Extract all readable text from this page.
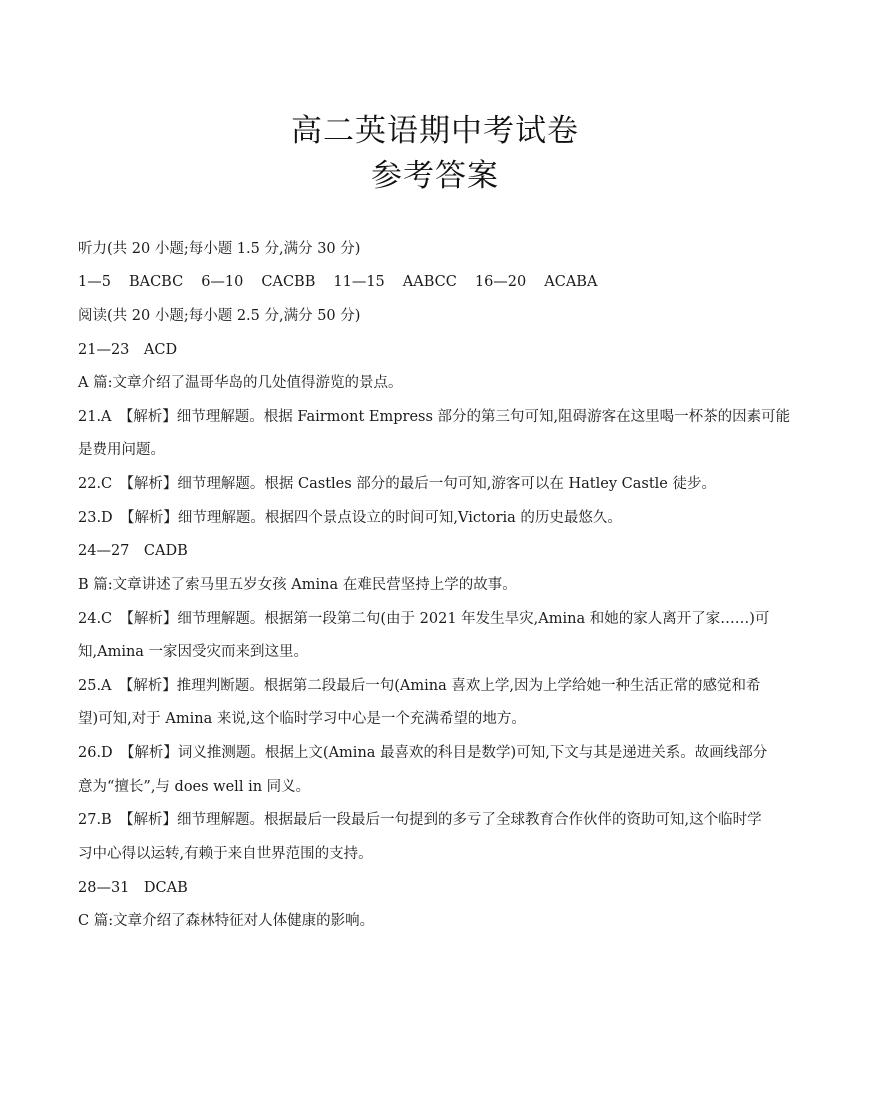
高二英语期中考试卷
参考答案
听力(共 20 小题;每小题 1.5 分,满分 30 分)
1—5 BACBC 6—10 CACBB 11—15 AABCC 16—20 ACABA
阅读(共 20 小题;每小题 2.5 分,满分 50 分)
21—23　ACD
A 篇:文章介绍了温哥华岛的几处值得游览的景点。
21.A　【解析】细节理解题。根据 Fairmont Empress 部分的第三句可知,阻碍游客在这里喝一杯茶的因素可能
是费用问题。
22.C　【解析】细节理解题。根据 Castles 部分的最后一句可知,游客可以在 Hatley Castle 徒步。
23.D　【解析】细节理解题。根据四个景点设立的时间可知,Victoria 的历史最悠久。
24—27　CADB
B 篇:文章讲述了索马里五岁女孩 Amina 在难民营坚持上学的故事。
24.C　【解析】细节理解题。根据第一段第二句(由于 2021 年发生旱灾,Amina 和她的家人离开了家……)可
知,Amina 一家因受灾而来到这里。
25.A　【解析】推理判断题。根据第二段最后一句(Amina 喜欢上学,因为上学给她一种生活正常的感觉和希
望)可知,对于 Amina 来说,这个临时学习中心是一个充满希望的地方。
26.D　【解析】词义推测题。根据上文(Amina 最喜欢的科目是数学)可知,下文与其是递进关系。故画线部分
意为“擅长”,与 does well in 同义。
27.B　【解析】细节理解题。根据最后一段最后一句提到的多亏了全球教育合作伙伴的资助可知,这个临时学
习中心得以运转,有赖于来自世界范围的支持。
28—31　DCAB
C 篇:文章介绍了森林特征对人体健康的影响。
